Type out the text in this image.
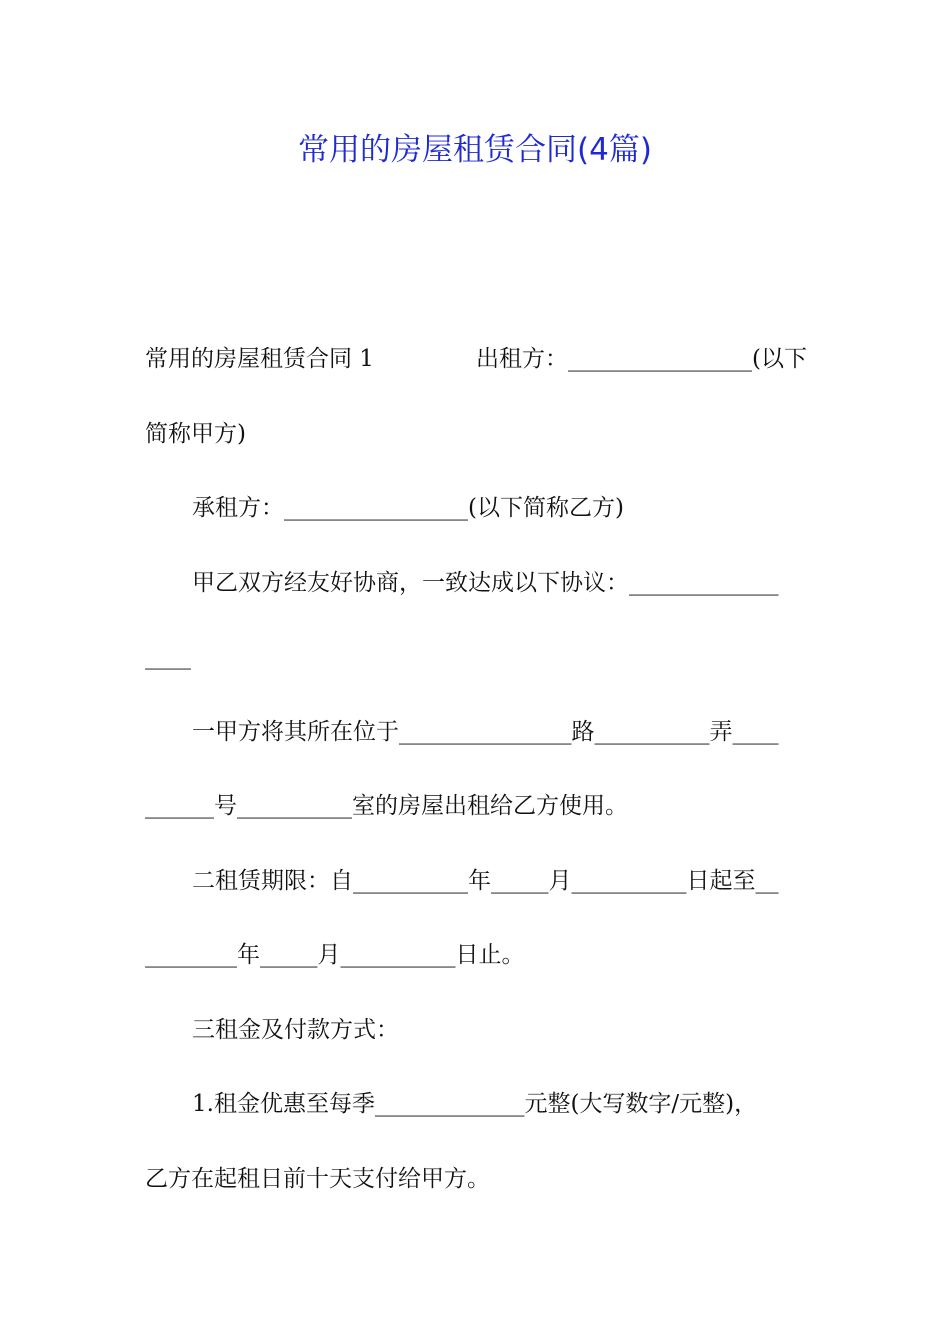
常用的房屋租赁合同(4篇)
常用的房屋租赁合同 1	出租方：________________(以下
简称甲方)
承租方：________________(以下简称乙方)
甲乙双方经友好协商，一致达成以下协议：_____________
____
一甲方将其所在位于_______________路__________弄____
______号__________室的房屋出租给乙方使用。
二租赁期限：自__________年_____月__________日起至__
________年_____月__________日止。
三租金及付款方式：
1.租金优惠至每季_____________元整(大写数字/元整)，
乙方在起租日前十天支付给甲方。
